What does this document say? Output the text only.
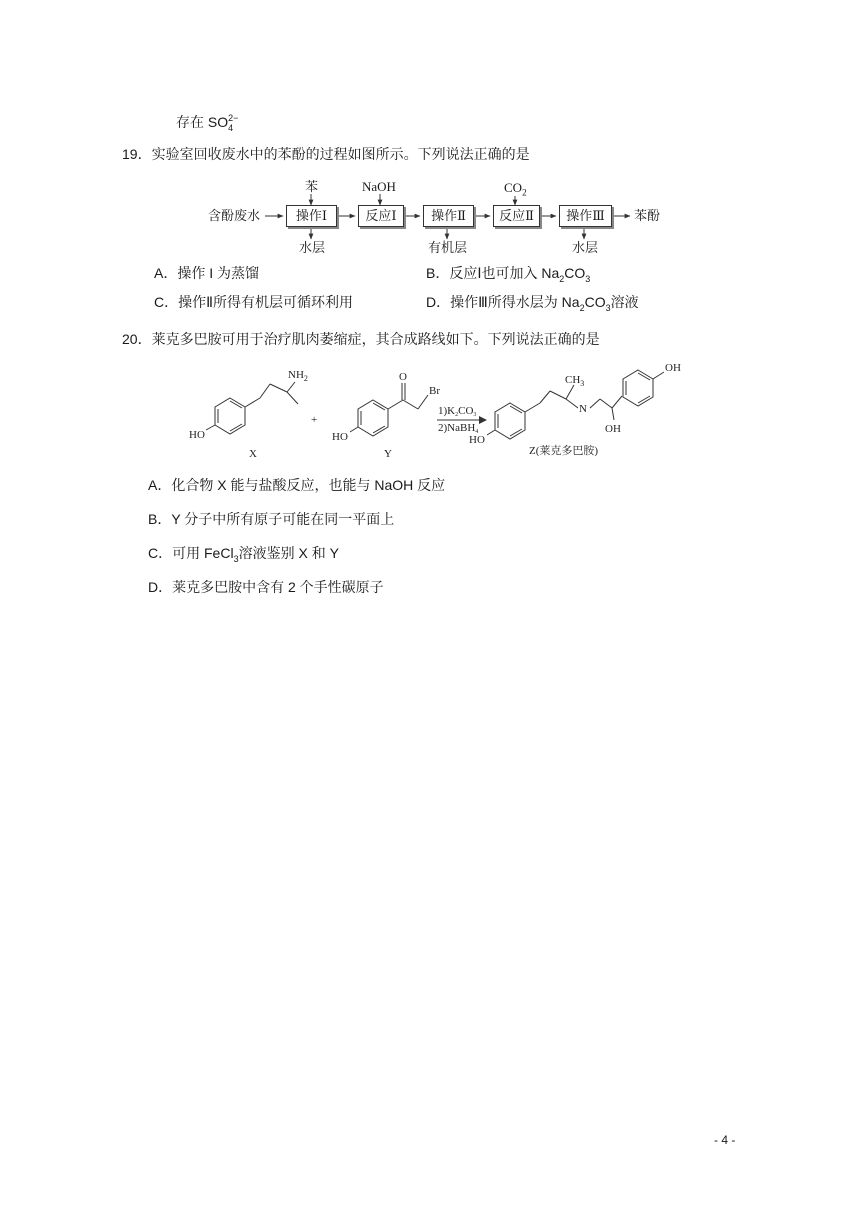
存在 $SO_4^{2-}$
19．实验室回收废水中的苯酚的过程如图所示。下列说法正确的是
含酚废水	操作Ⅰ	反应Ⅰ	操作Ⅱ	反应Ⅱ	操作Ⅲ	苯酚
苯	NaOH	$CO_2$
水层	有机层	水层
A．操作 I 为蒸馏	B．反应Ⅰ也可加入 $Na_2CO_3$
C．操作Ⅱ所得有机层可循环利用	D．操作Ⅲ所得水层为 $Na_2CO_3$溶液
20．莱克多巴胺可用于治疗肌肉萎缩症，其合成路线如下。下列说法正确的是
$NH_2$
HO
X
+
O
Br
HO
Y
1)K2CO3
2)NaBH4
$CH_3$
N
OH
OH
HO
Z(莱克多巴胺)
A．化合物 X 能与盐酸反应，也能与 NaOH 反应
B．Y 分子中所有原子可能在同一平面上
C．可用 FeCl$_3$溶液鉴别 X 和 Y
D．莱克多巴胺中含有 2 个手性碳原子
- 4 -
